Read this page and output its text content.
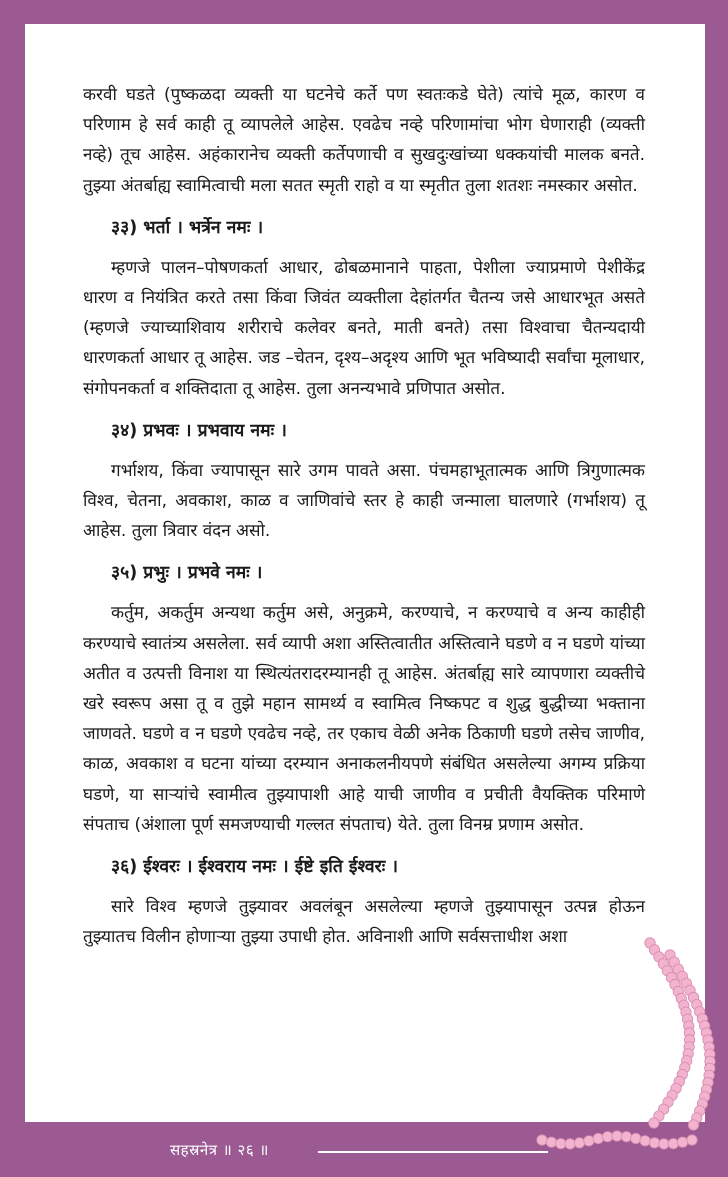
करवी घडते (पुष्कळदा व्यक्ती या घटनेचे कर्ते पण स्वतःकडे घेते) त्यांचे मूळ, कारण व परिणाम हे सर्व काही तू व्यापलेले आहेस. एवढेच नव्हे परिणामांचा भोग घेणाराही (व्यक्ती नव्हे) तूच आहेस. अहंकारानेच व्यक्ती कर्तेपणाची व सुखदुःखांच्या धक्कयांची मालक बनते. तुझ्या अंतर्बाह्य स्वामित्वाची मला सतत स्मृती राहो व या स्मृतीत तुला शतशः नमस्कार असोत.

३३) भर्ता । भर्त्रेन नमः ।

म्हणजे पालन–पोषणकर्ता आधार, ढोबळमानाने पाहता, पेशीला ज्याप्रमाणे पेशीकेंद्र धारण व नियंत्रित करते तसा किंवा जिवंत व्यक्तीला देहांतर्गत चैतन्य जसे आधारभूत असते (म्हणजे ज्याच्याशिवाय शरीराचे कलेवर बनते, माती बनते) तसा विश्वाचा चैतन्यदायी धारणकर्ता आधार तू आहेस. जड –चेतन, दृश्य–अदृश्य आणि भूत भविष्यादी सर्वांचा मूलाधार, संगोपनकर्ता व शक्तिदाता तू आहेस. तुला अनन्यभावे प्रणिपात असोत.

३४) प्रभवः । प्रभवाय नमः ।

गर्भाशय, किंवा ज्यापासून सारे उगम पावते असा. पंचमहाभूतात्मक आणि त्रिगुणात्मक विश्व, चेतना, अवकाश, काळ व जाणिवांचे स्तर हे काही जन्माला घालणारे (गर्भाशय) तू आहेस. तुला त्रिवार वंदन असो.

३५) प्रभुः । प्रभवे नमः ।

कर्तुम, अकर्तुम अन्यथा कर्तुम असे, अनुक्रमे, करण्याचे, न करण्याचे व अन्य काहीही करण्याचे स्वातंत्र्य असलेला. सर्व व्यापी अशा अस्तित्वातीत अस्तित्वाने घडणे व न घडणे यांच्या अतीत व उत्पत्ती विनाश या स्थित्यंतरादरम्यानही तू आहेस. अंतर्बाह्य सारे व्यापणारा व्यक्तीचे खरे स्वरूप असा तू व तुझे महान सामर्थ्य व स्वामित्व निष्कपट व शुद्ध बुद्धीच्या भक्ताना जाणवते. घडणे व न घडणे एवढेच नव्हे, तर एकाच वेळी अनेक ठिकाणी घडणे तसेच जाणीव, काळ, अवकाश व घटना यांच्या दरम्यान अनाकलनीयपणे संबंधित असलेल्या अगम्य प्रक्रिया घडणे, या साऱ्यांचे स्वामीत्व तुझ्यापाशी आहे याची जाणीव व प्रचीती वैयक्तिक परिमाणे संपताच (अंशाला पूर्ण समजण्याची गल्लत संपताच) येते. तुला विनम्र प्रणाम असोत.

३६) ईश्वरः । ईश्वराय नमः । ईष्टे इति ईश्वरः ।

सारे विश्व म्हणजे तुझ्यावर अवलंबून असलेल्या म्हणजे तुझ्यापासून उत्पन्न होऊन तुझ्यातच विलीन होणाऱ्या तुझ्या उपाधी होत. अविनाशी आणि सर्वसत्ताधीश अशा

सहस्रनेत्र ॥ २६ ॥
